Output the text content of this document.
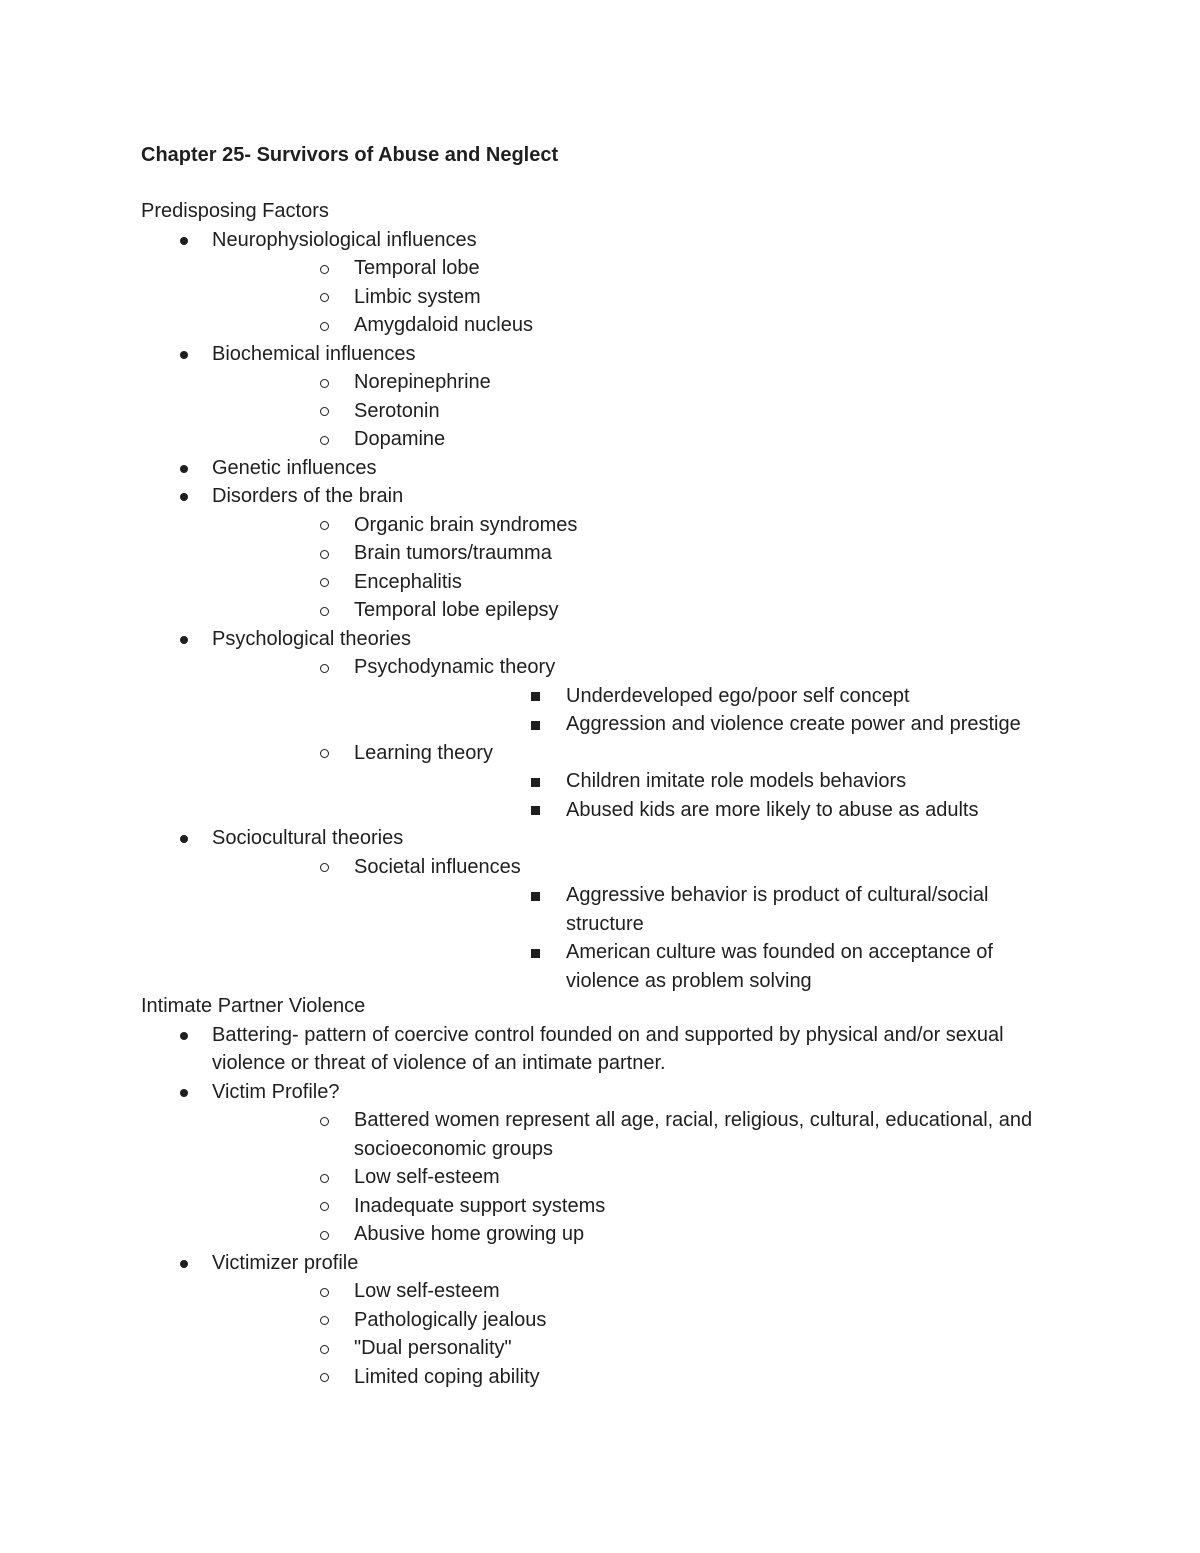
Chapter 25- Survivors of Abuse and Neglect
Predisposing Factors
Neurophysiological influences
Temporal lobe
Limbic system
Amygdaloid nucleus
Biochemical influences
Norepinephrine
Serotonin
Dopamine
Genetic influences
Disorders of the brain
Organic brain syndromes
Brain tumors/traumma
Encephalitis
Temporal lobe epilepsy
Psychological theories
Psychodynamic theory
Underdeveloped ego/poor self concept
Aggression and violence create power and prestige
Learning theory
Children imitate role models behaviors
Abused kids are more likely to abuse as adults
Sociocultural theories
Societal influences
Aggressive behavior is product of cultural/social structure
American culture was founded on acceptance of violence as problem solving
Intimate Partner Violence
Battering- pattern of coercive control founded on and supported by physical and/or sexual violence or threat of violence of an intimate partner.
Victim Profile?
Battered women represent all age, racial, religious, cultural, educational, and socioeconomic groups
Low self-esteem
Inadequate support systems
Abusive home growing up
Victimizer profile
Low self-esteem
Pathologically jealous
"Dual personality"
Limited coping ability
